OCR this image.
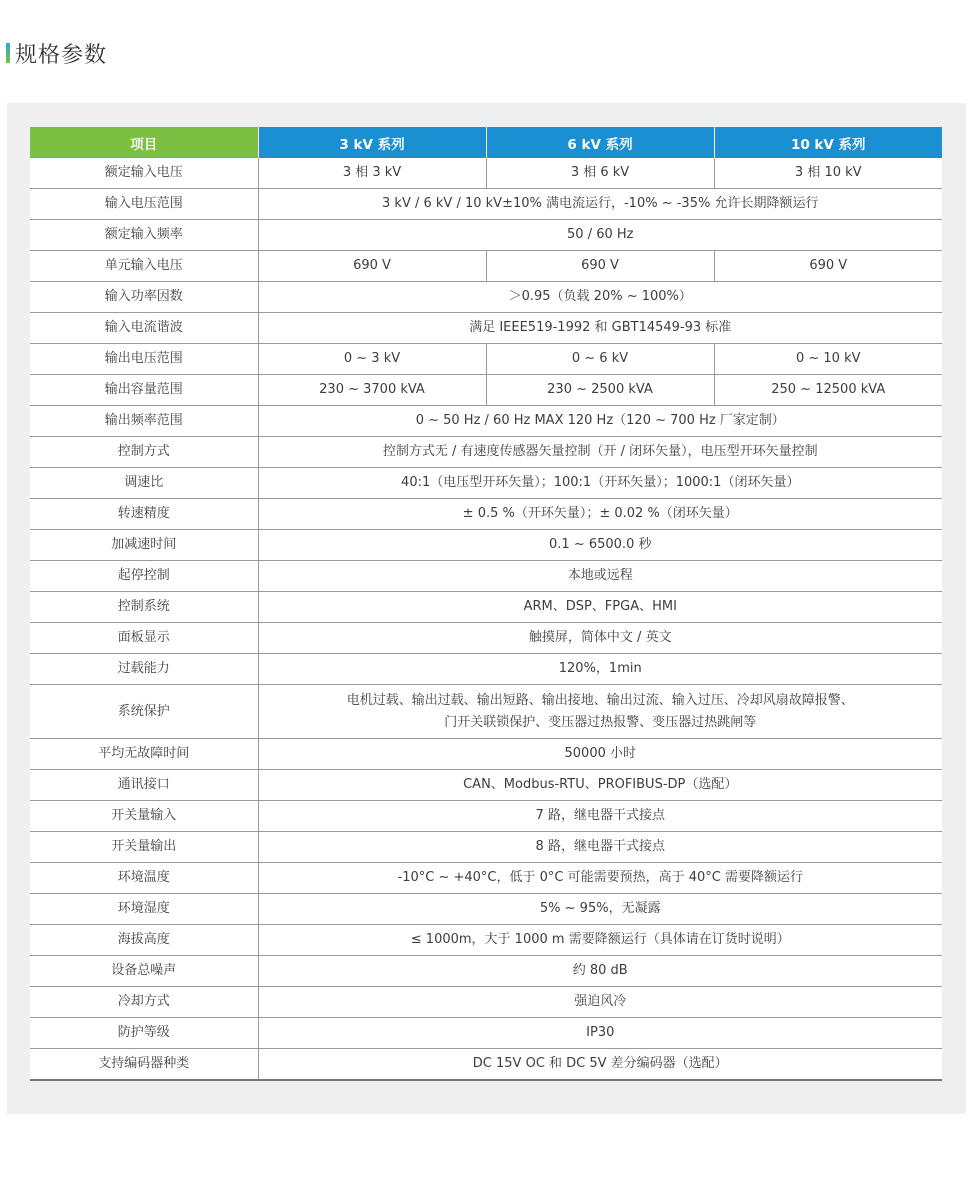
规格参数
项目	3 kV 系列	6 kV 系列	10 kV 系列
额定输入电压	3 相 3 kV	3 相 6 kV	3 相 10 kV
输入电压范围	3 kV / 6 kV / 10 kV±10% 满电流运行，-10% ~ -35% 允许长期降额运行		

额定输入频率	50 / 60 Hz		

单元输入电压	690 V	690 V	690 V
输入功率因数	＞0.95（负载 20% ~ 100%）		

输入电流谐波	满足 IEEE519-1992 和 GBT14549-93 标准		

输出电压范围	0 ~ 3 kV	0 ~ 6 kV	0 ~ 10 kV
输出容量范围	230 ~ 3700 kVA	230 ~ 2500 kVA	250 ~ 12500 kVA
输出频率范围	0 ~ 50 Hz / 60 Hz MAX 120 Hz（120 ~ 700 Hz 厂家定制）		

控制方式	控制方式无 / 有速度传感器矢量控制（开 / 闭环矢量），电压型开环矢量控制		

调速比	40:1（电压型开环矢量）；100:1（开环矢量）；1000:1（闭环矢量）		

转速精度	± 0.5 %（开环矢量）；± 0.02 %（闭环矢量）		

加减速时间	0.1 ~ 6500.0 秒		

起停控制	本地或远程		

控制系统	ARM、DSP、FPGA、HMI		

面板显示	触摸屏，简体中文 / 英文		

过载能力	120%，1min		

系统保护	电机过载、输出过载、输出短路、输出接地、输出过流、输入过压、冷却风扇故障报警、
门开关联锁保护、变压器过热报警、变压器过热跳闸等		

平均无故障时间	50000 小时		

通讯接口	CAN、Modbus-RTU、PROFIBUS-DP（选配）		

开关量输入	7 路，继电器干式接点		

开关量输出	8 路，继电器干式接点		

环境温度	-10°C ~ +40°C，低于 0°C 可能需要预热，高于 40°C 需要降额运行		

环境湿度	5% ~ 95%，无凝露		

海拔高度	≤ 1000m，大于 1000 m 需要降额运行（具体请在订货时说明）		

设备总噪声	约 80 dB		

冷却方式	强迫风冷		

防护等级	IP30		

支持编码器种类	DC 15V OC 和 DC 5V 差分编码器（选配）		
